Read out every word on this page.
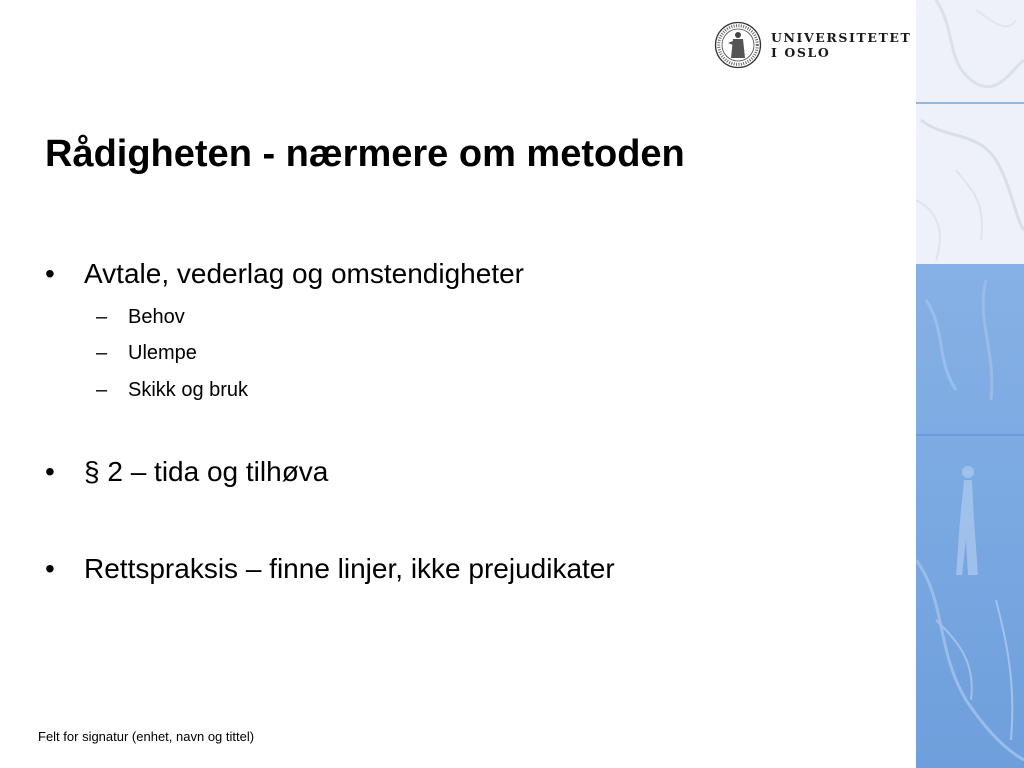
UNIVERSITETET
I OSLO
Rådigheten - nærmere om metoden
•	Avtale, vederlag og omstendigheter
– Behov
– Ulempe
– Skikk og bruk
•	§ 2 – tida og tilhøva
•	Rettspraksis – finne linjer, ikke prejudikater
Felt for signatur (enhet, navn og tittel)
